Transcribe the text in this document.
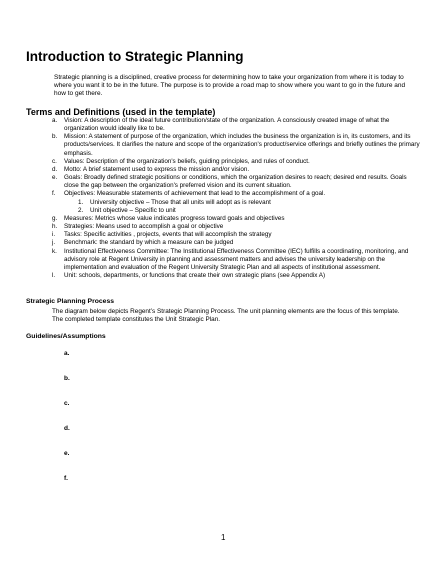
Introduction to Strategic Planning

Strategic planning is a disciplined, creative process for determining how to take your organization from where it is today to where you want it to be in the future. The purpose is to provide a road map to show where you want to go in the future and how to get there.

Terms and Definitions (used in the template)
a. Vision: A description of the ideal future contribution/state of the organization. A consciously created image of what the organization would ideally like to be.
b. Mission: A statement of purpose of the organization, which includes the business the organization is in, its customers, and its products/services. It clarifies the nature and scope of the organization's product/service offerings and briefly outlines the primary emphasis.
c. Values: Description of the organization's beliefs, guiding principles, and rules of conduct.
d. Motto: A brief statement used to express the mission and/or vision.
e. Goals: Broadly defined strategic positions or conditions, which the organization desires to reach; desired end results. Goals close the gap between the organization's preferred vision and its current situation.
f. Objectives: Measurable statements of achievement that lead to the accomplishment of a goal.
1. University objective – Those that all units will adopt as is relevant
2. Unit objective – Specific to unit
g. Measures: Metrics whose value indicates progress toward goals and objectives
h. Strategies: Means used to accomplish a goal or objective
i. Tasks: Specific activities , projects, events that will accomplish the strategy
j. Benchmark: the standard by which a measure can be judged
k. Institutional Effectiveness Committee: The Institutional Effectiveness Committee (IEC) fulfills a coordinating, monitoring, and advisory role at Regent University in planning and assessment matters and advises the university leadership on the implementation and evaluation of the Regent University Strategic Plan and all aspects of institutional assessment.
l. Unit: schools, departments, or functions that create their own strategic plans (see Appendix A)
Strategic Planning Process

The diagram below depicts Regent’s Strategic Planning Process. The unit planning elements are the focus of this template. The completed template constitutes the Unit Strategic Plan.

Guidelines/Assumptions
a.
b.
c.
d.
e.
f.
1
